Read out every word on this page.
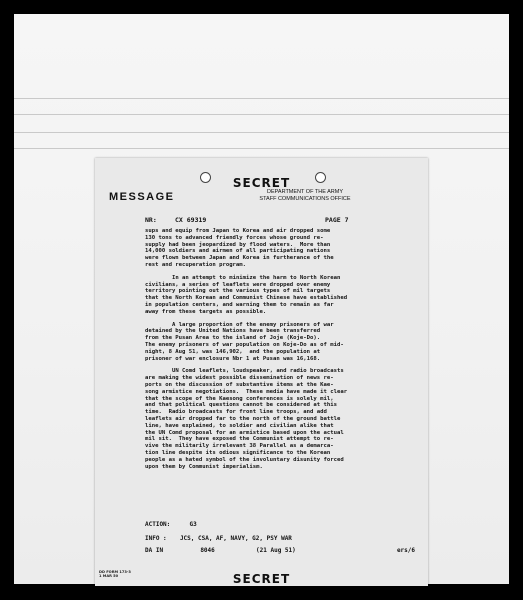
SECRET
MESSAGE	DEPARTMENT OF THE ARMY
STAFF COMMUNICATIONS OFFICE
NR:	CX 69319	PAGE 7

sups and equip from Japan to Korea and air dropped some
130 tons to advanced friendly forces whose ground re-
supply had been jeopardized by flood waters.  More than
14,000 soldiers and airmen of all participating nations
were flown between Japan and Korea in furtherance of the
rest and recuperation program.

In an attempt to minimize the harm to North Korean
civilians, a series of leaflets were dropped over enemy
territory pointing out the various types of mil targets
that the North Korean and Communist Chinese have established
in population centers, and warning them to remain as far
away from these targets as possible.

A large proportion of the enemy prisoners of war
detained by the United Nations have been transferred
from the Pusan Area to the island of Joje (Koje-Do).
The enemy prisoners of war population on Koje-Do as of mid-
night, 8 Aug 51, was 146,902,  and the population at
prisoner of war enclosure Nbr 1 at Pusan was 16,168.

UN Comd leaflets, loudspeaker, and radio broadcasts
are making the widest possible dissemination of news re-
ports on the discussion of substantive items at the Kae-
song armistice negotiations.  These media have made it clear
that the scope of the Kaesong conferences is solely mil,
and that political questions cannot be considered at this
time.  Radio broadcasts for front line troops, and add
leaflets air dropped far to the north of the ground battle
line, have explained, to soldier and civilian alike that
the UN Comd proposal for an armistice based upon the actual
mil sit.  They have exposed the Communist attempt to re-
vive the militarily irrelevant 38 Parallel as a demarca-
tion line despite its odious significance to the Korean
people as a hated symbol of the involuntary disunity forced
upon them by Communist imperialism.

ACTION:	G3
INFO : JCS, CSA, AF, NAVY, G2, PSY WAR
DA IN	8046	(21 Aug 51)	ers/6
DD FORM 173-3
1 MAR 50	SECRET
